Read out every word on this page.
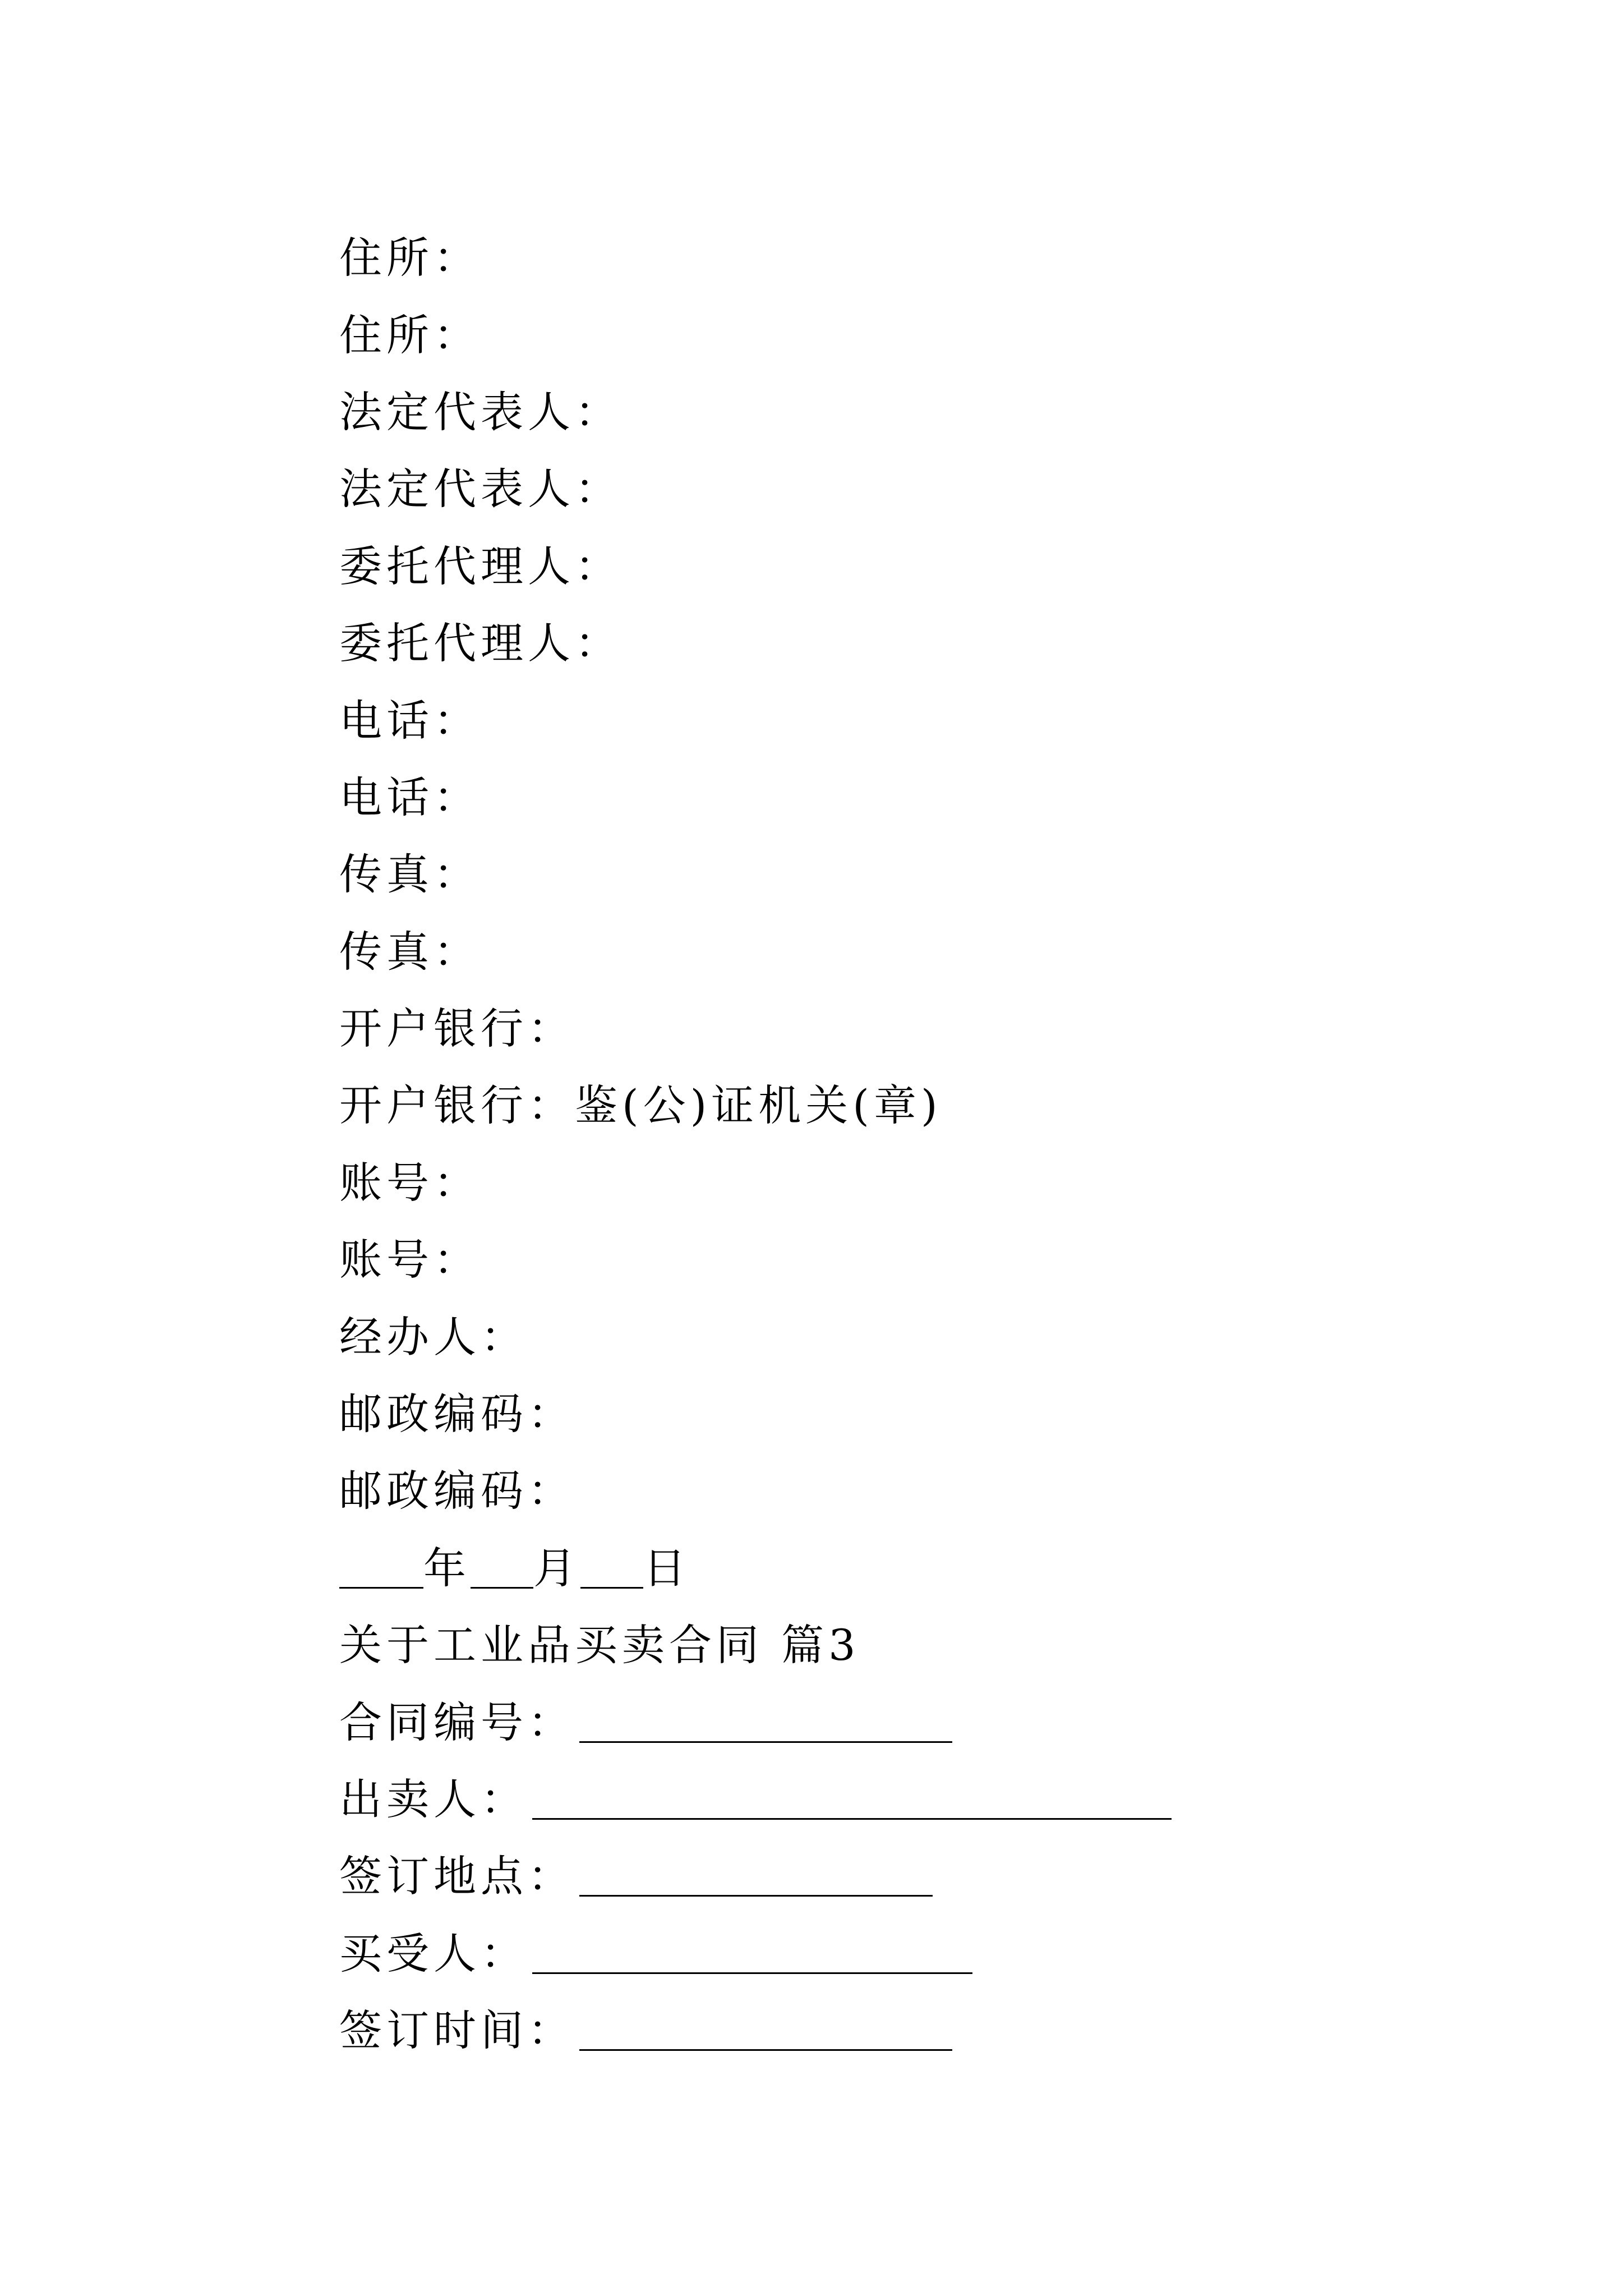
住所：
住所：
法定代表人：
法定代表人：
委托代理人：
委托代理人：
电话：
电话：
传真：
传真：
开户银行：
开户银行： 鉴(公)证机关(章)
账号：
账号：
经办人：
邮政编码：
邮政编码：
年 月 日
关于工业品买卖合同 篇3
合同编号：
出卖人：
签订地点：
买受人：
签订时间：
